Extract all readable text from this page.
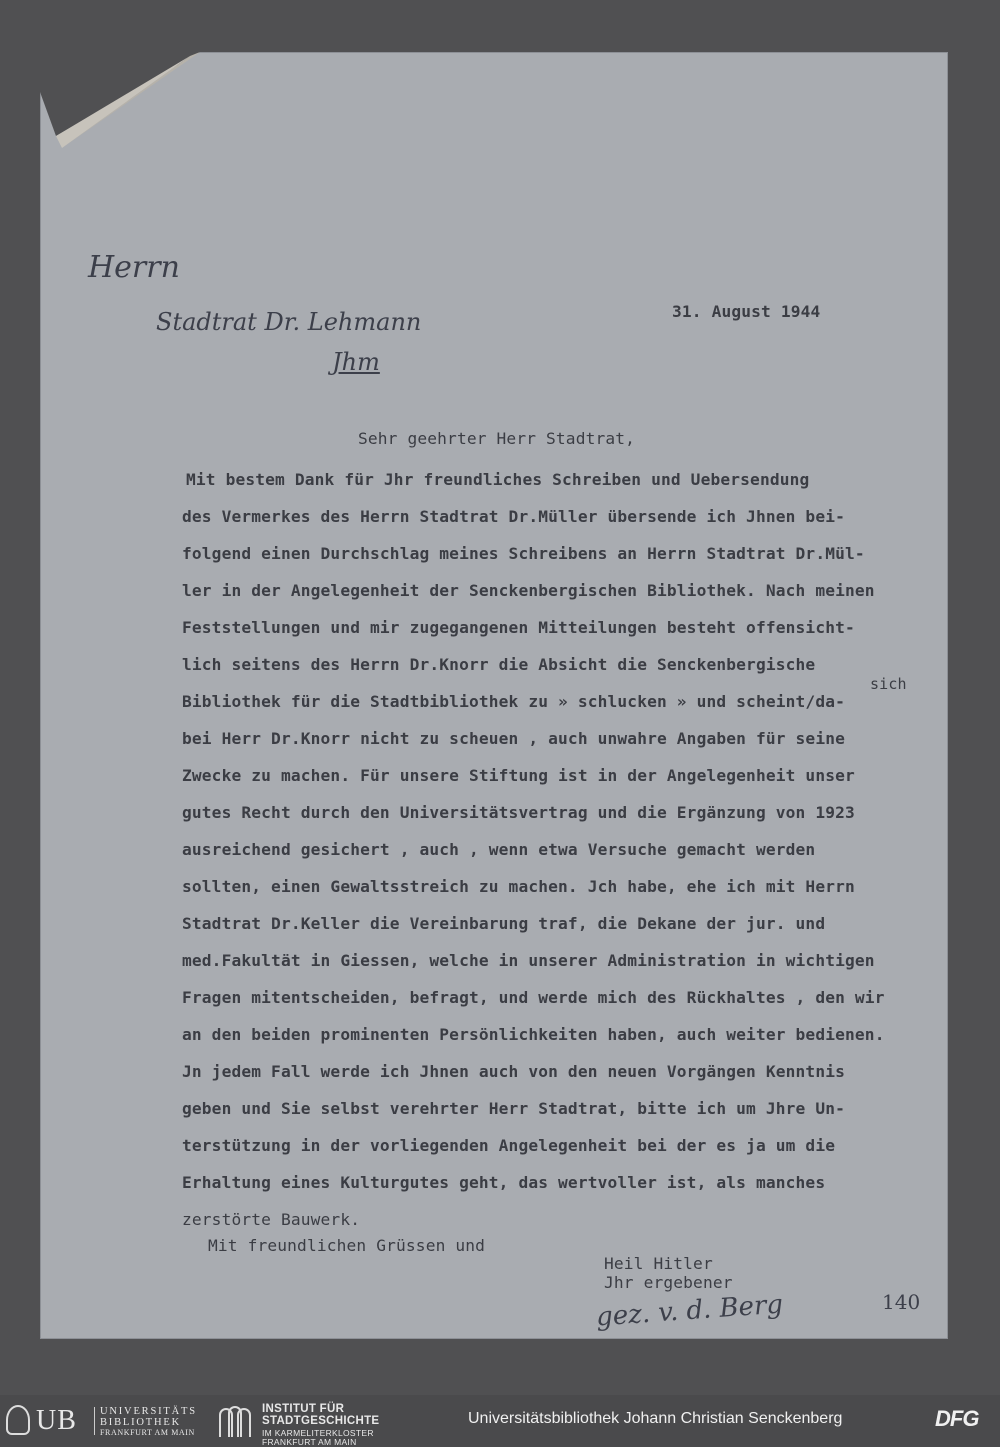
Herrn
Stadtrat Dr. Lehmann
Jhm
31. August 1944
Sehr geehrter Herr Stadtrat,
sich
Mit bestem Dank für Jhr freundliches Schreiben und Uebersendung
des Vermerkes des Herrn Stadtrat Dr.Müller übersende ich Jhnen bei-
folgend einen Durchschlag meines Schreibens an Herrn Stadtrat Dr.Mül-
ler in der Angelegenheit der Senckenbergischen Bibliothek. Nach meinen
Feststellungen und mir zugegangenen Mitteilungen besteht offensicht-
lich seitens des Herrn Dr.Knorr die Absicht die Senckenbergische
Bibliothek für die Stadtbibliothek zu » schlucken » und scheint/da-
bei Herr Dr.Knorr nicht zu scheuen , auch unwahre Angaben für seine
Zwecke zu machen. Für unsere Stiftung ist in der Angelegenheit unser
gutes Recht durch den Universitätsvertrag und die Ergänzung von 1923
ausreichend gesichert , auch , wenn etwa Versuche gemacht werden
sollten, einen Gewaltsstreich zu machen. Jch habe, ehe ich mit Herrn
Stadtrat Dr.Keller die Vereinbarung traf, die Dekane der jur. und
med.Fakultät in Giessen, welche in unserer Administration in wichtigen
Fragen mitentscheiden, befragt, und werde mich des Rückhaltes , den wir
an den beiden prominenten Persönlichkeiten haben, auch weiter bedienen.
Jn jedem Fall werde ich Jhnen auch von den neuen Vorgängen Kenntnis
geben und Sie selbst verehrter Herr Stadtrat, bitte ich um Jhre Un-
terstützung in der vorliegenden Angelegenheit bei der es ja um die
Erhaltung eines Kulturgutes geht, das wertvoller ist, als manches
zerstörte Bauwerk.
Mit freundlichen Grüssen und
Heil Hitler
Jhr ergebener
gez. v. d. Berg	140
UB UNIVERSITÄTS
BIBLIOTHEK
FRANKFURT AM MAIN
INSTITUT FÜR
STADTGESCHICHTE
IM KARMELITERKLOSTER
FRANKFURT AM MAIN
Universitätsbibliothek Johann Christian Senckenberg	DFG
